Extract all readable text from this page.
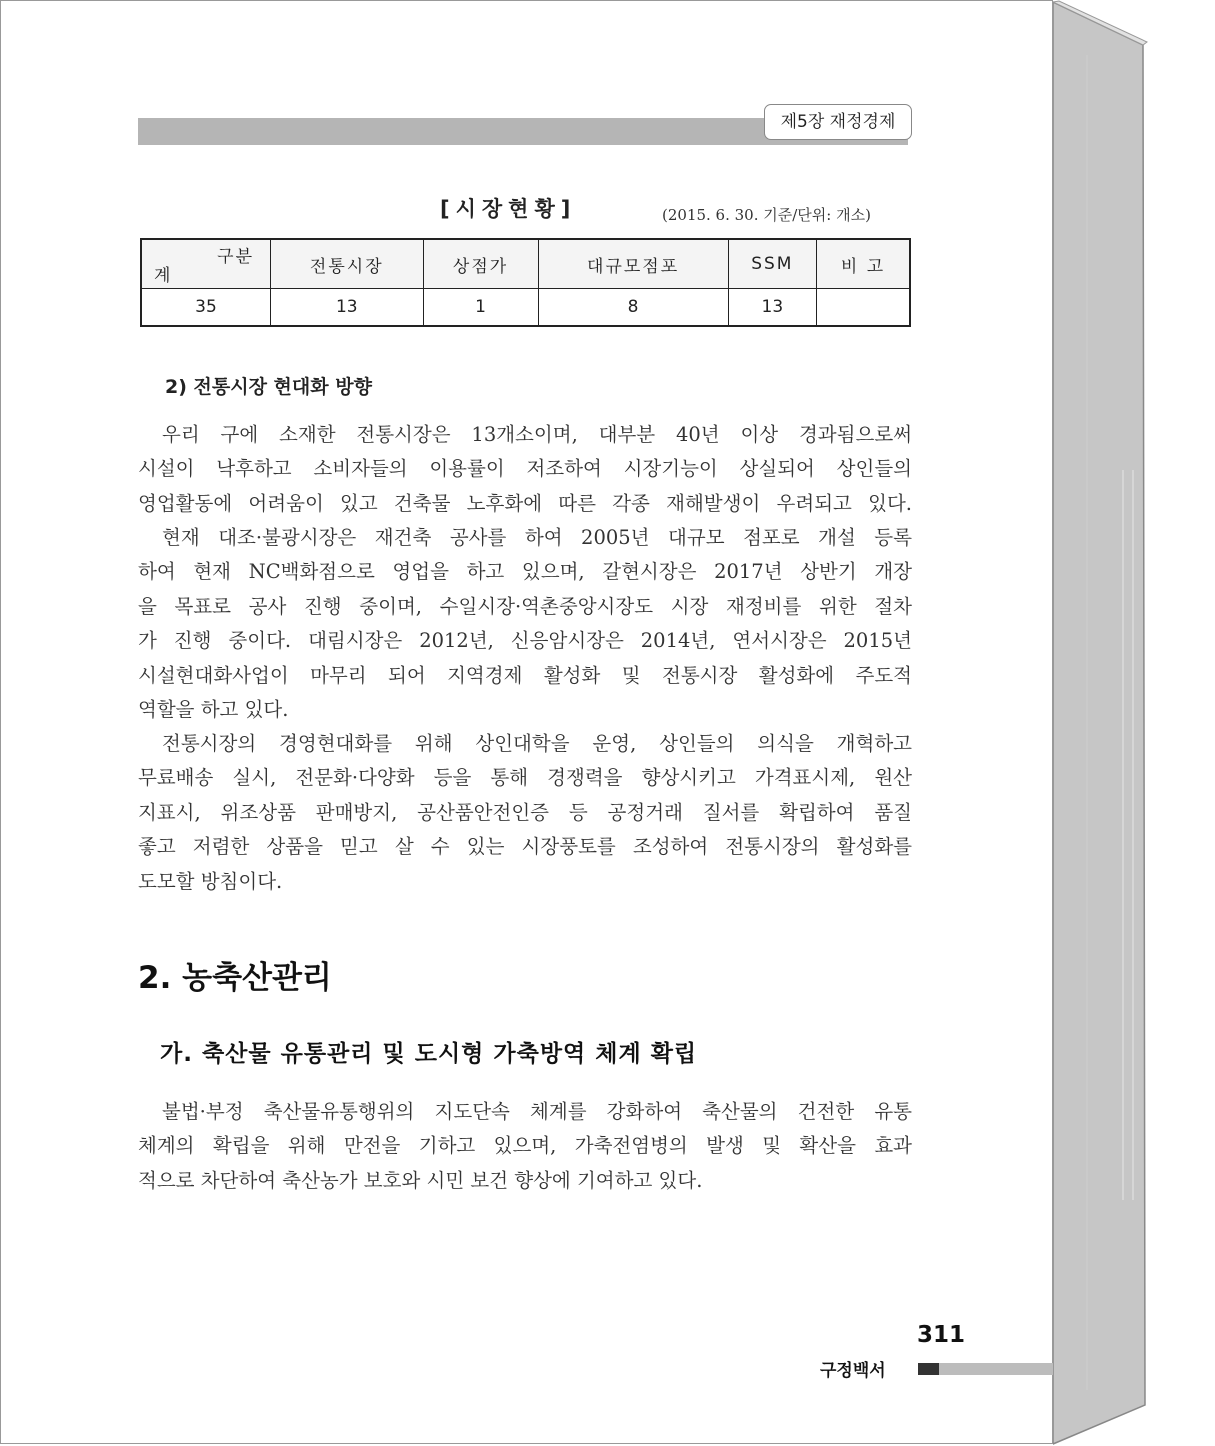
제5장 재정경제
[시장현황]	(2015. 6. 30. 기준/단위: 개소)
구분
계	전통시장	상점가	대규모점포	SSM	비 고
35	13	1	8	13	
2) 전통시장 현대화 방향

우리 구에 소재한 전통시장은 13개소이며, 대부분 40년 이상 경과됨으로써
시설이 낙후하고 소비자들의 이용률이 저조하여 시장기능이 상실되어 상인들의
영업활동에 어려움이 있고 건축물 노후화에 따른 각종 재해발생이 우려되고 있다.

현재 대조·불광시장은 재건축 공사를 하여 2005년 대규모 점포로 개설 등록
하여 현재 NC백화점으로 영업을 하고 있으며, 갈현시장은 2017년 상반기 개장
을 목표로 공사 진행 중이며, 수일시장·역촌중앙시장도 시장 재정비를 위한 절차
가 진행 중이다. 대림시장은 2012년, 신응암시장은 2014년, 연서시장은 2015년
시설현대화사업이 마무리 되어 지역경제 활성화 및 전통시장 활성화에 주도적
역할을 하고 있다.

전통시장의 경영현대화를 위해 상인대학을 운영, 상인들의 의식을 개혁하고
무료배송 실시, 전문화·다양화 등을 통해 경쟁력을 향상시키고 가격표시제, 원산
지표시, 위조상품 판매방지, 공산품안전인증 등 공정거래 질서를 확립하여 품질
좋고 저렴한 상품을 믿고 살 수 있는 시장풍토를 조성하여 전통시장의 활성화를
도모할 방침이다.

2. 농축산관리
가. 축산물 유통관리 및 도시형 가축방역 체계 확립

불법·부정 축산물유통행위의 지도단속 체계를 강화하여 축산물의 건전한 유통
체계의 확립을 위해 만전을 기하고 있으며, 가축전염병의 발생 및 확산을 효과
적으로 차단하여 축산농가 보호와 시민 보건 향상에 기여하고 있다.

311
구정백서
